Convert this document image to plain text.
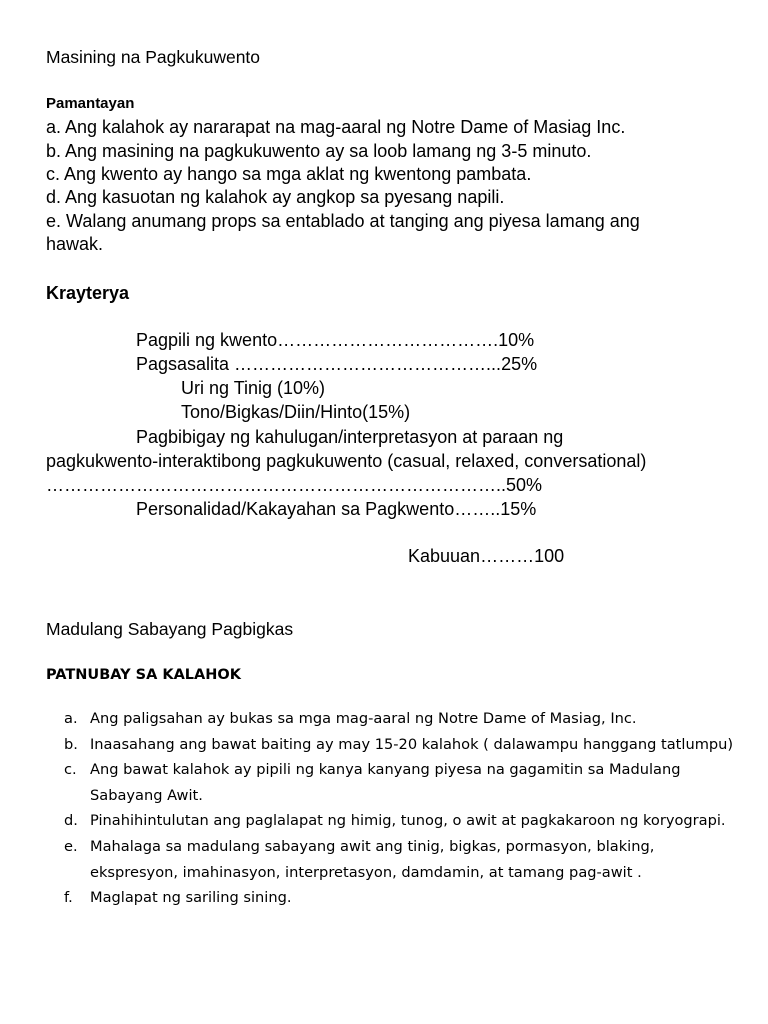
Masining na Pagkukuwento
Pamantayan
a. Ang kalahok ay nararapat na mag-aaral ng Notre Dame of Masiag Inc.
b. Ang masining na pagkukuwento ay sa loob lamang ng 3-5 minuto.
c. Ang kwento ay hango sa mga aklat ng kwentong pambata.
d. Ang kasuotan ng kalahok ay angkop sa pyesang napili.
e. Walang anumang props sa entablado at tanging ang piyesa lamang ang
hawak.
Krayterya
Pagpili ng kwento……………………………….10%
Pagsasalita ……………………………………...25%
Uri ng Tinig (10%)
Tono/Bigkas/Diin/Hinto(15%)
Pagbibigay ng kahulugan/interpretasyon at paraan ng
pagkukwento-interaktibong pagkukuwento (casual, relaxed, conversational)
…………………………………………………………………..50%
Personalidad/Kakayahan sa Pagkwento……..15%
Kabuuan………100
Madulang Sabayang Pagbigkas
PATNUBAY SA KALAHOK
a. Ang paligsahan ay bukas sa mga mag-aaral ng Notre Dame of Masiag, Inc.
b. Inaasahang ang bawat baiting ay may 15-20 kalahok ( dalawampu hanggang tatlumpu)
c. Ang bawat kalahok ay pipili ng kanya kanyang piyesa na gagamitin sa Madulang Sabayang Awit.
d. Pinahihintulutan ang paglalapat ng himig, tunog, o awit at pagkakaroon ng koryograpi.
e. Mahalaga sa madulang sabayang awit ang tinig, bigkas, pormasyon, blaking, ekspresyon, imahinasyon, interpretasyon, damdamin, at tamang pag-awit .
f. Maglapat ng sariling sining.
